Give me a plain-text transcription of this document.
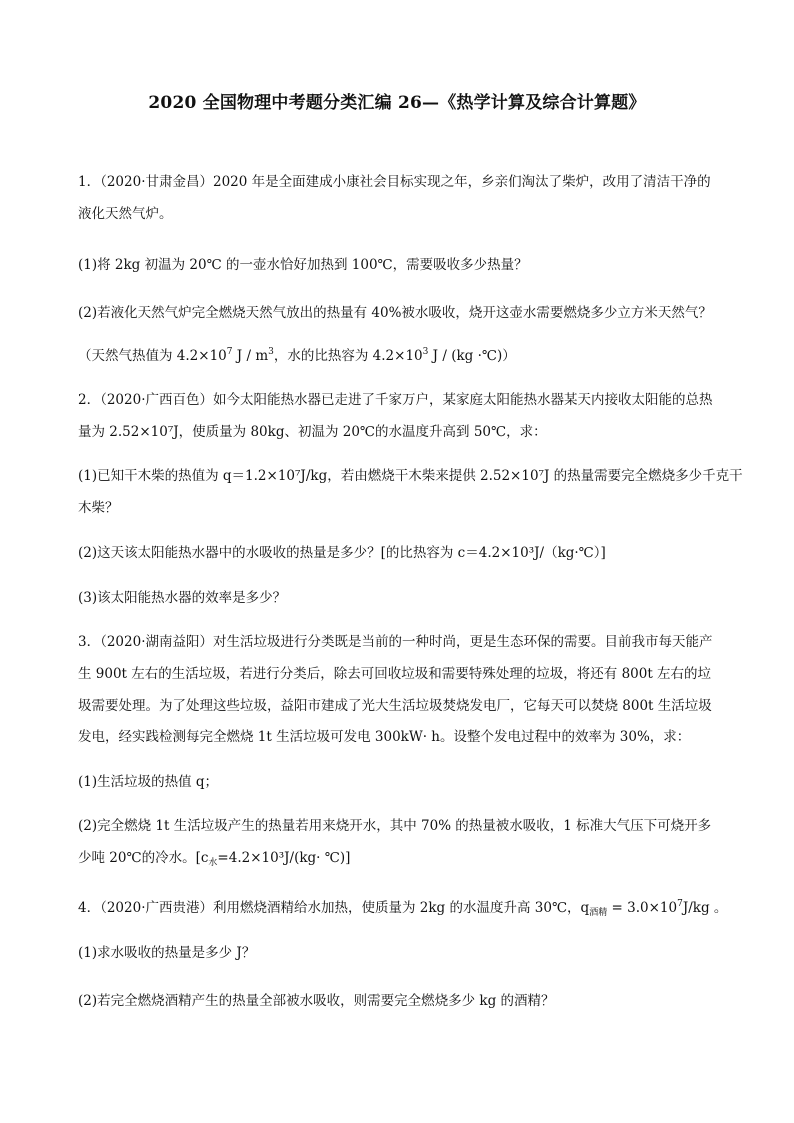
2020 全国物理中考题分类汇编 26—《热学计算及综合计算题》
1．（2020·甘肃金昌）2020 年是全面建成小康社会目标实现之年，乡亲们淘汰了柴炉，改用了清洁干净的
液化天然气炉。
(1)将 2kg 初温为 20℃ 的一壶水恰好加热到 100℃，需要吸收多少热量？
(2)若液化天然气炉完全燃烧天然气放出的热量有 40%被水吸收，烧开这壶水需要燃烧多少立方米天然气？
（天然气热值为 $4.2\times 10^7$ J / $m^3$，水的比热容为 $4.2\times 10^3$ J / (kg ·℃)）
2．（2020·广西百色）如今太阳能热水器已走进了千家万户，某家庭太阳能热水器某天内接收太阳能的总热
量为 2.52×10⁷J，使质量为 80kg、初温为 20℃的水温度升高到 50℃，求：
(1)已知干木柴的热值为 q＝1.2×10⁷J/kg，若由燃烧干木柴来提供 2.52×10⁷J 的热量需要完全燃烧多少千克干
木柴？
(2)这天该太阳能热水器中的水吸收的热量是多少？[的比热容为 c＝4.2×10³J/（kg·℃）]
(3)该太阳能热水器的效率是多少？
3．（2020·湖南益阳）对生活垃圾进行分类既是当前的一种时尚，更是生态环保的需要。目前我市每天能产
生 900t 左右的生活垃圾，若进行分类后，除去可回收垃圾和需要特殊处理的垃圾，将还有 800t 左右的垃
圾需要处理。为了处理这些垃圾，益阳市建成了光大生活垃圾焚烧发电厂，它每天可以焚烧 800t 生活垃圾
发电，经实践检测每完全燃烧 1t 生活垃圾可发电 300kW· h。设整个发电过程中的效率为 30%，求：
(1)生活垃圾的热值 q；
(2)完全燃烧 1t 生活垃圾产生的热量若用来烧开水，其中 70% 的热量被水吸收，1 标准大气压下可烧开多
少吨 20℃的冷水。[$c_水=4.2\times 10^3J/(kg\cdot$ ℃)]
4．（2020·广西贵港）利用燃烧酒精给水加热，使质量为 2kg 的水温度升高 30℃，$q_{酒精} = 3.0\times 10^7J/kg$ 。
(1)求水吸收的热量是多少 J？
(2)若完全燃烧酒精产生的热量全部被水吸收，则需要完全燃烧多少 kg 的酒精？
